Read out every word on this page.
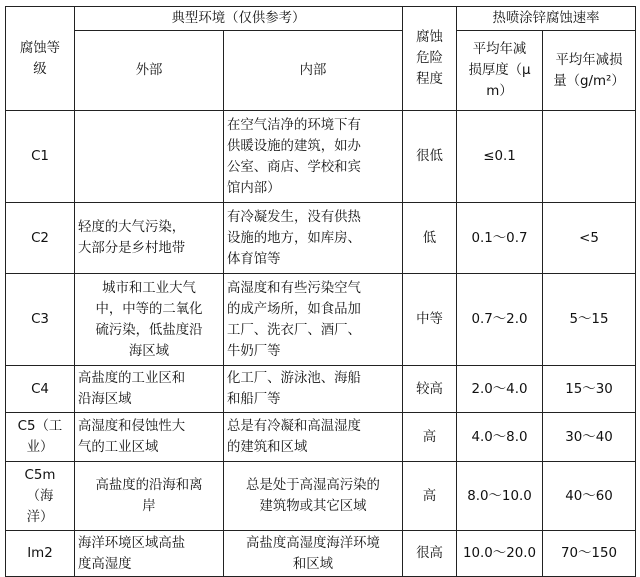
腐蚀等
级	典型环境（仅供参考）		腐蚀
危险
程度	热喷涂锌腐蚀速率	
	外部	内部		平均年减
损厚度（μ
m）	平均年减损
量（g/m²）
C1		在空气洁净的环境下有
供暖设施的建筑，如办
公室、商店、学校和宾
馆内部）	很低	≤0.1	
C2	轻度的大气污染，
大部分是乡村地带	有冷凝发生，没有供热
设施的地方，如库房、
体育馆等	低	0.1～0.7	<5
C3	城市和工业大气
中，中等的二氧化
硫污染，低盐度沿
海区域	高湿度和有些污染空气
的成产场所，如食品加
工厂、洗衣厂、酒厂、
牛奶厂等	中等	0.7～2.0	5～15
C4	高盐度的工业区和
沿海区域	化工厂、游泳池、海船
和船厂等	较高	2.0～4.0	15～30
C5（工
业）	高湿度和侵蚀性大
气的工业区域	总是有冷凝和高温湿度
的建筑和区域	高	4.0～8.0	30～40
C5m
（海
洋）	高盐度的沿海和离
岸	总是处于高湿高污染的
建筑物或其它区域	高	8.0～10.0	40～60
Im2	海洋环境区域高盐
度高湿度	高盐度高湿度海洋环境
和区域	很高	10.0～20.0	70～150
